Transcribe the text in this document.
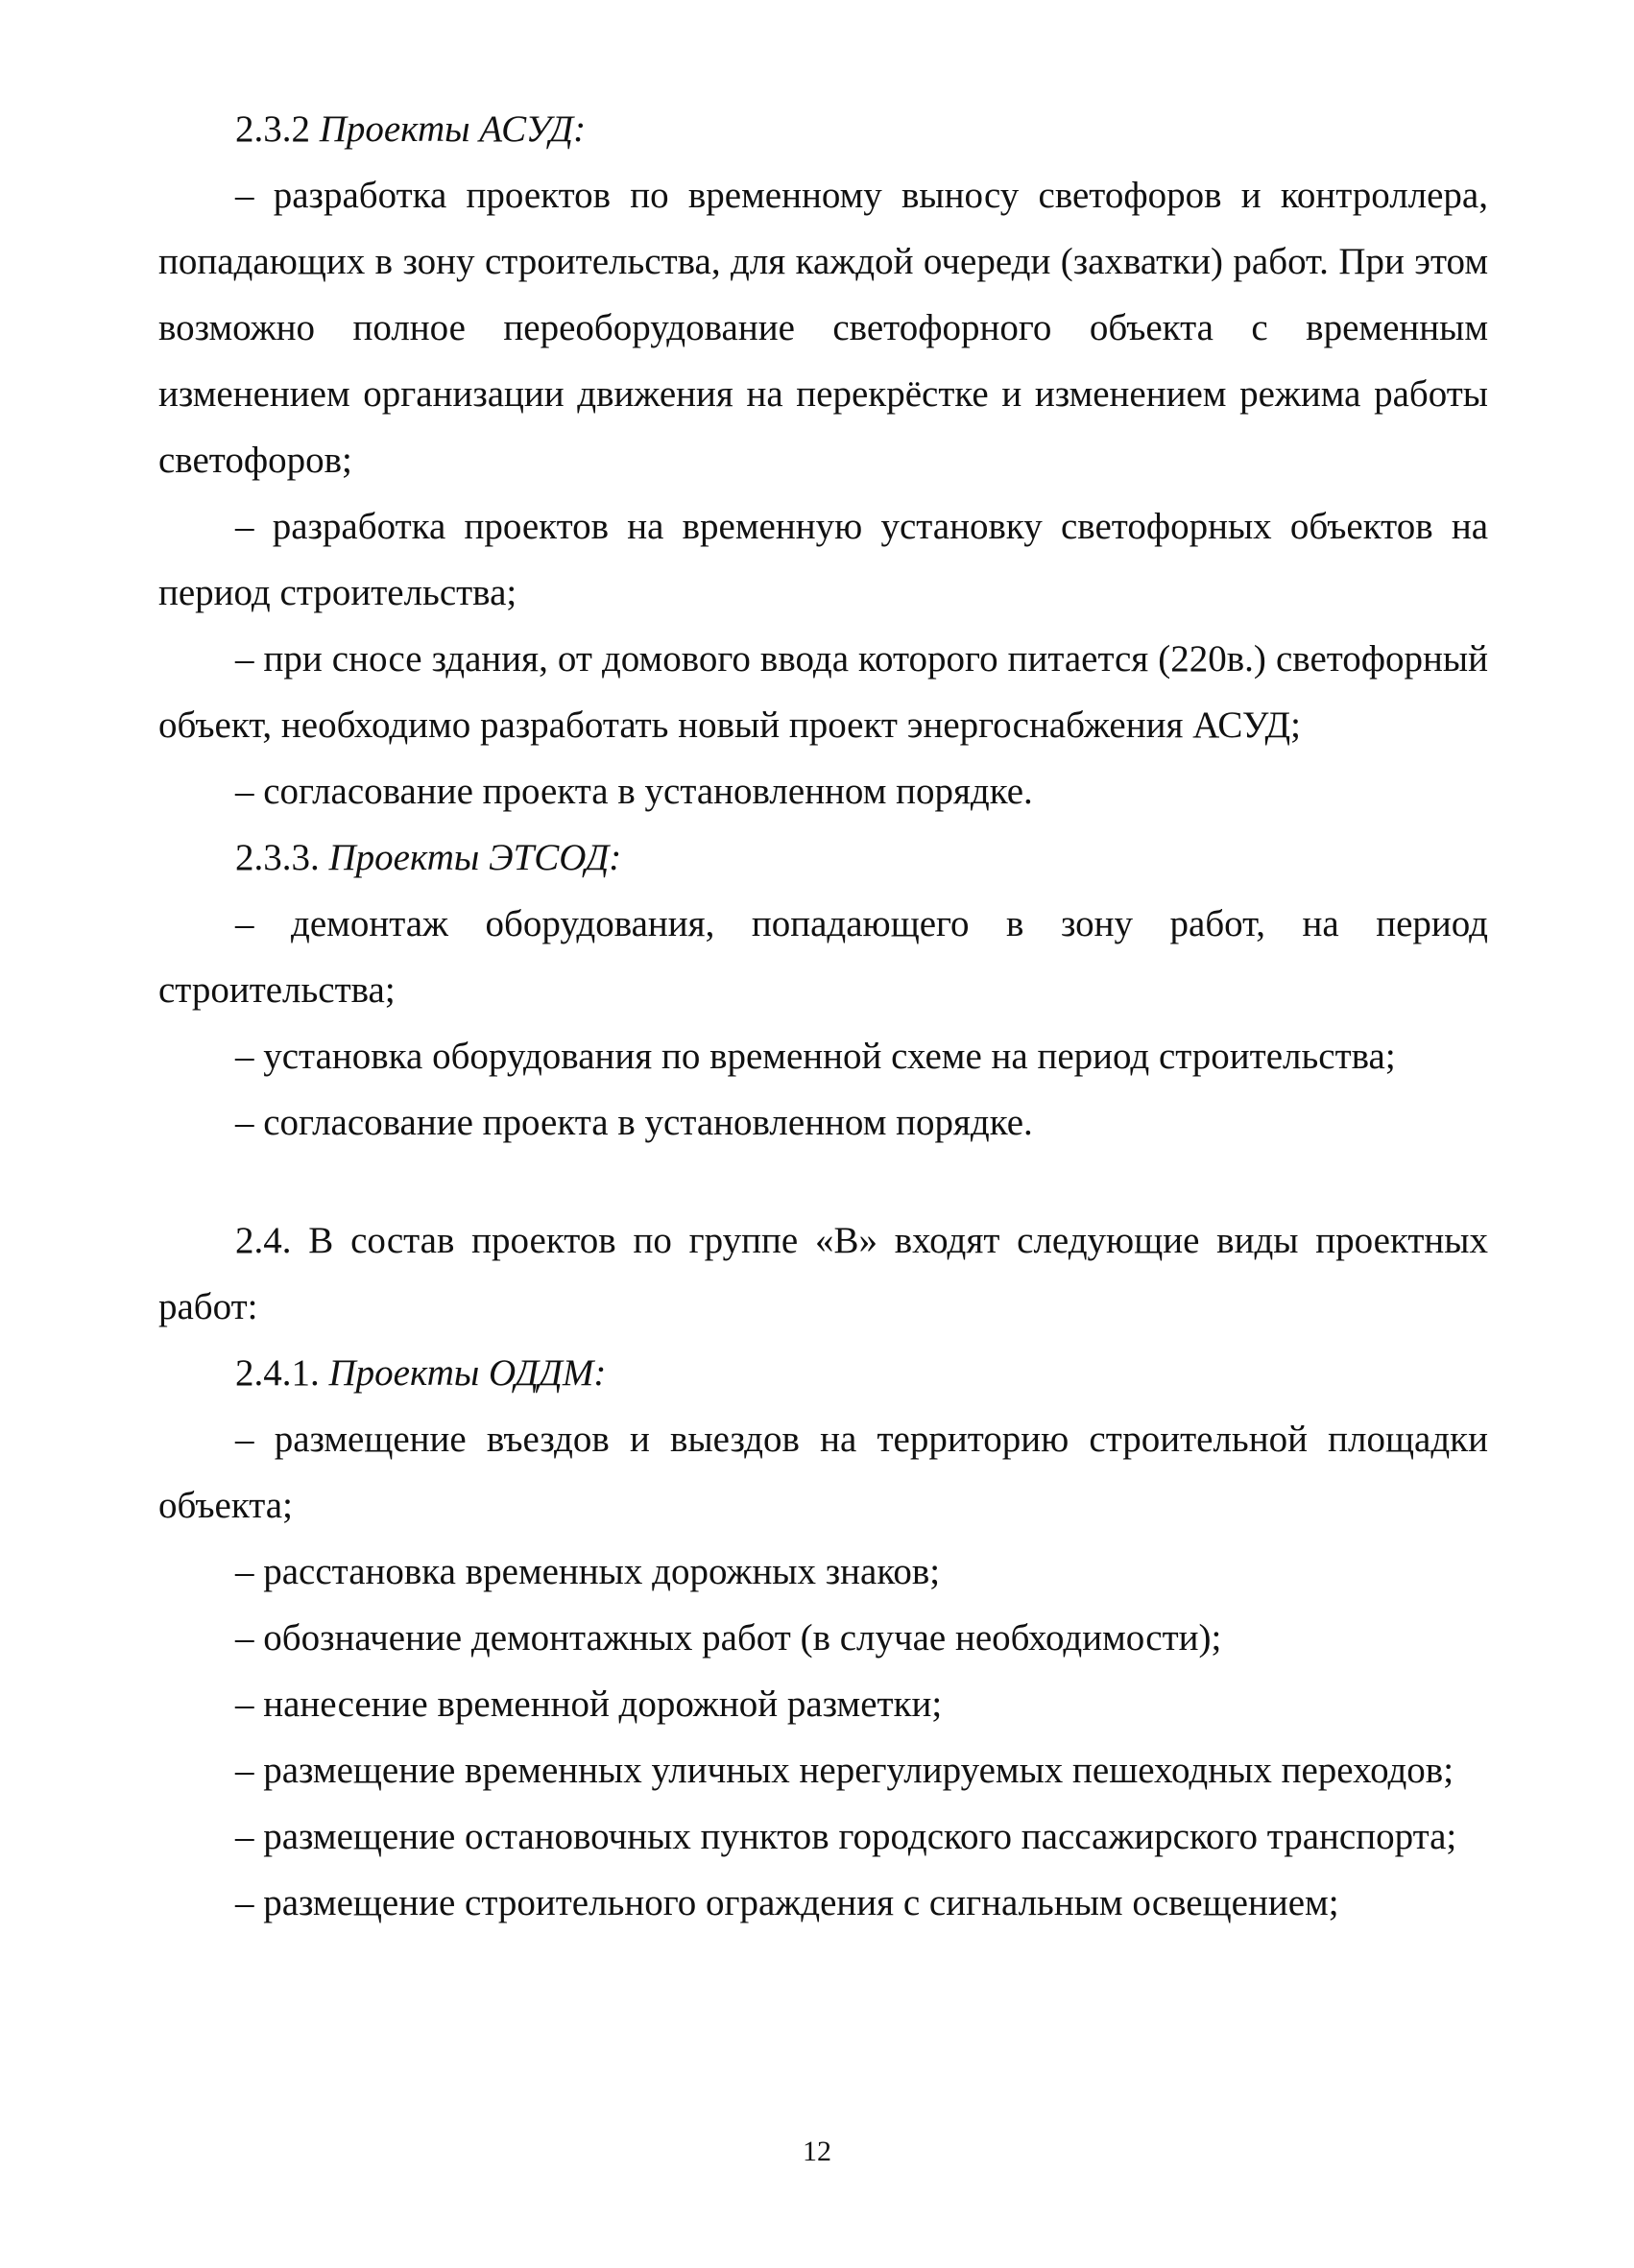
2.3.2 Проекты АСУД:

– разработка проектов по временному выносу светофоров и контроллера, попадающих в зону строительства, для каждой очереди (захватки) работ. При этом возможно полное переоборудование светофорного объекта с временным изменением организации движения на перекрёстке и изменением режима работы светофоров;

– разработка проектов на временную установку светофорных объектов на период строительства;

– при сносе здания, от домового ввода которого питается (220в.) светофорный объект, необходимо разработать новый проект энергоснабжения АСУД;

– согласование проекта в установленном порядке.

2.3.3. Проекты ЭТСОД:

– демонтаж оборудования, попадающего в зону работ, на период строительства;

– установка оборудования по временной схеме на период строительства;

– согласование проекта в установленном порядке.

2.4. В состав проектов по группе «В» входят следующие виды проектных работ:

2.4.1. Проекты ОДДМ:

– размещение въездов и выездов на территорию строительной площадки объекта;

– расстановка временных дорожных знаков;

– обозначение демонтажных работ (в случае необходимости);

– нанесение временной дорожной разметки;

– размещение временных уличных нерегулируемых пешеходных переходов;

– размещение остановочных пунктов городского пассажирского транспорта;

– размещение строительного ограждения с сигнальным освещением;

12
